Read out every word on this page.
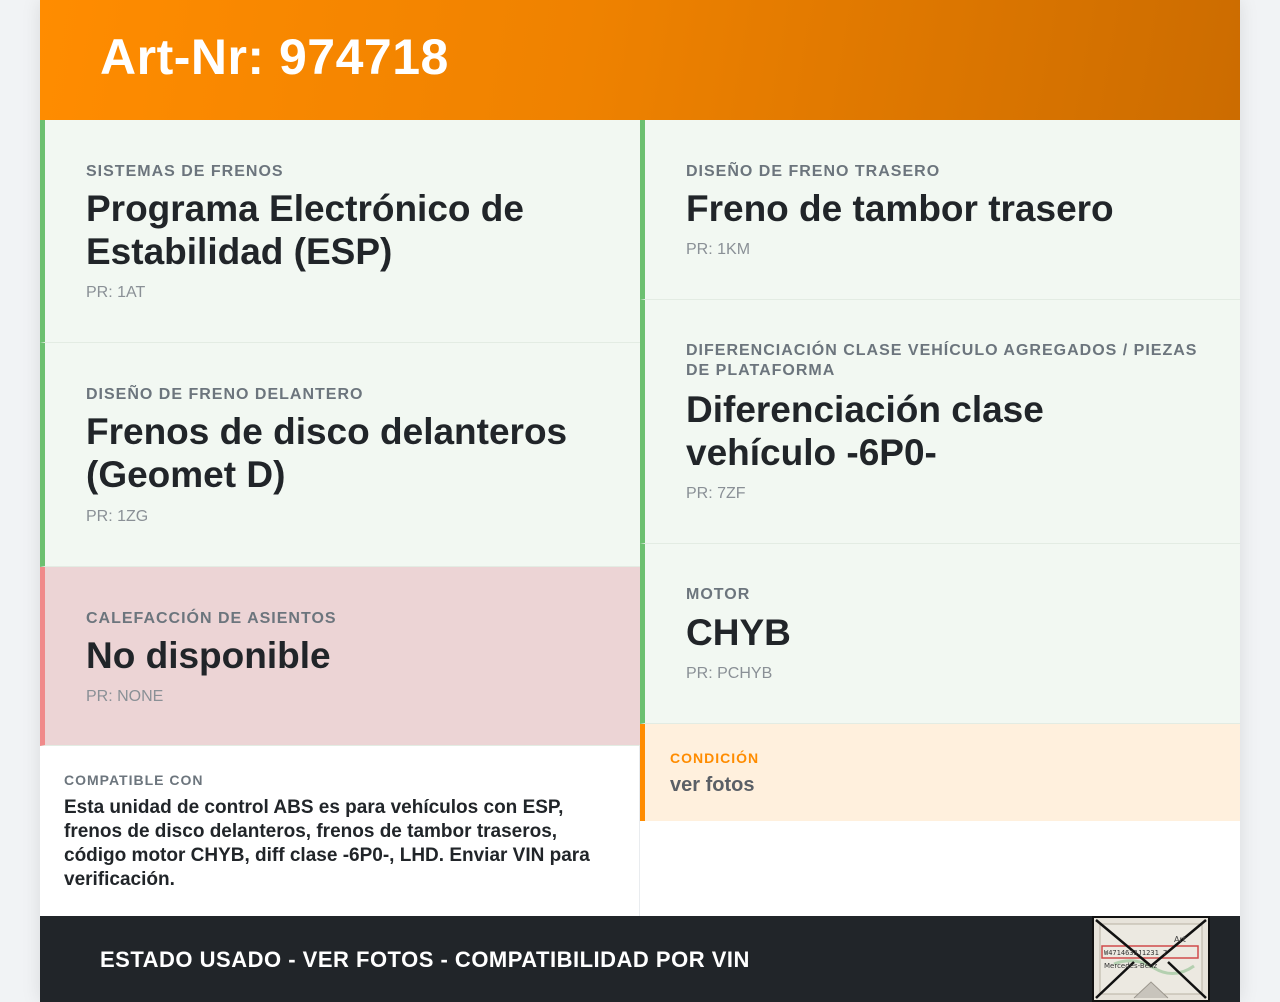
Art-Nr: 974718
SISTEMAS DE FRENOS
Programa Electrónico de Estabilidad (ESP)
PR: 1AT
DISEÑO DE FRENO DELANTERO
Frenos de disco delanteros (Geomet D)
PR: 1ZG
CALEFACCIÓN DE ASIENTOS
No disponible
PR: NONE
DISEÑO DE FRENO TRASERO
Freno de tambor trasero
PR: 1KM
DIFERENCIACIÓN CLASE VEHÍCULO AGREGADOS / PIEZAS DE PLATAFORMA
Diferenciación clase vehículo -6P0-
PR: 7ZF
MOTOR
CHYB
PR: PCHYB
COMPATIBLE CON
Esta unidad de control ABS es para vehículos con ESP, frenos de disco delanteros, frenos de tambor traseros, código motor CHYB, diff clase -6P0-, LHD. Enviar VIN para verificación.
CONDICIÓN
ver fotos
ESTADO USADO - VER FOTOS - COMPATIBILIDAD POR VIN
Art
W4714633J1231 7
Mercedes-Benz
